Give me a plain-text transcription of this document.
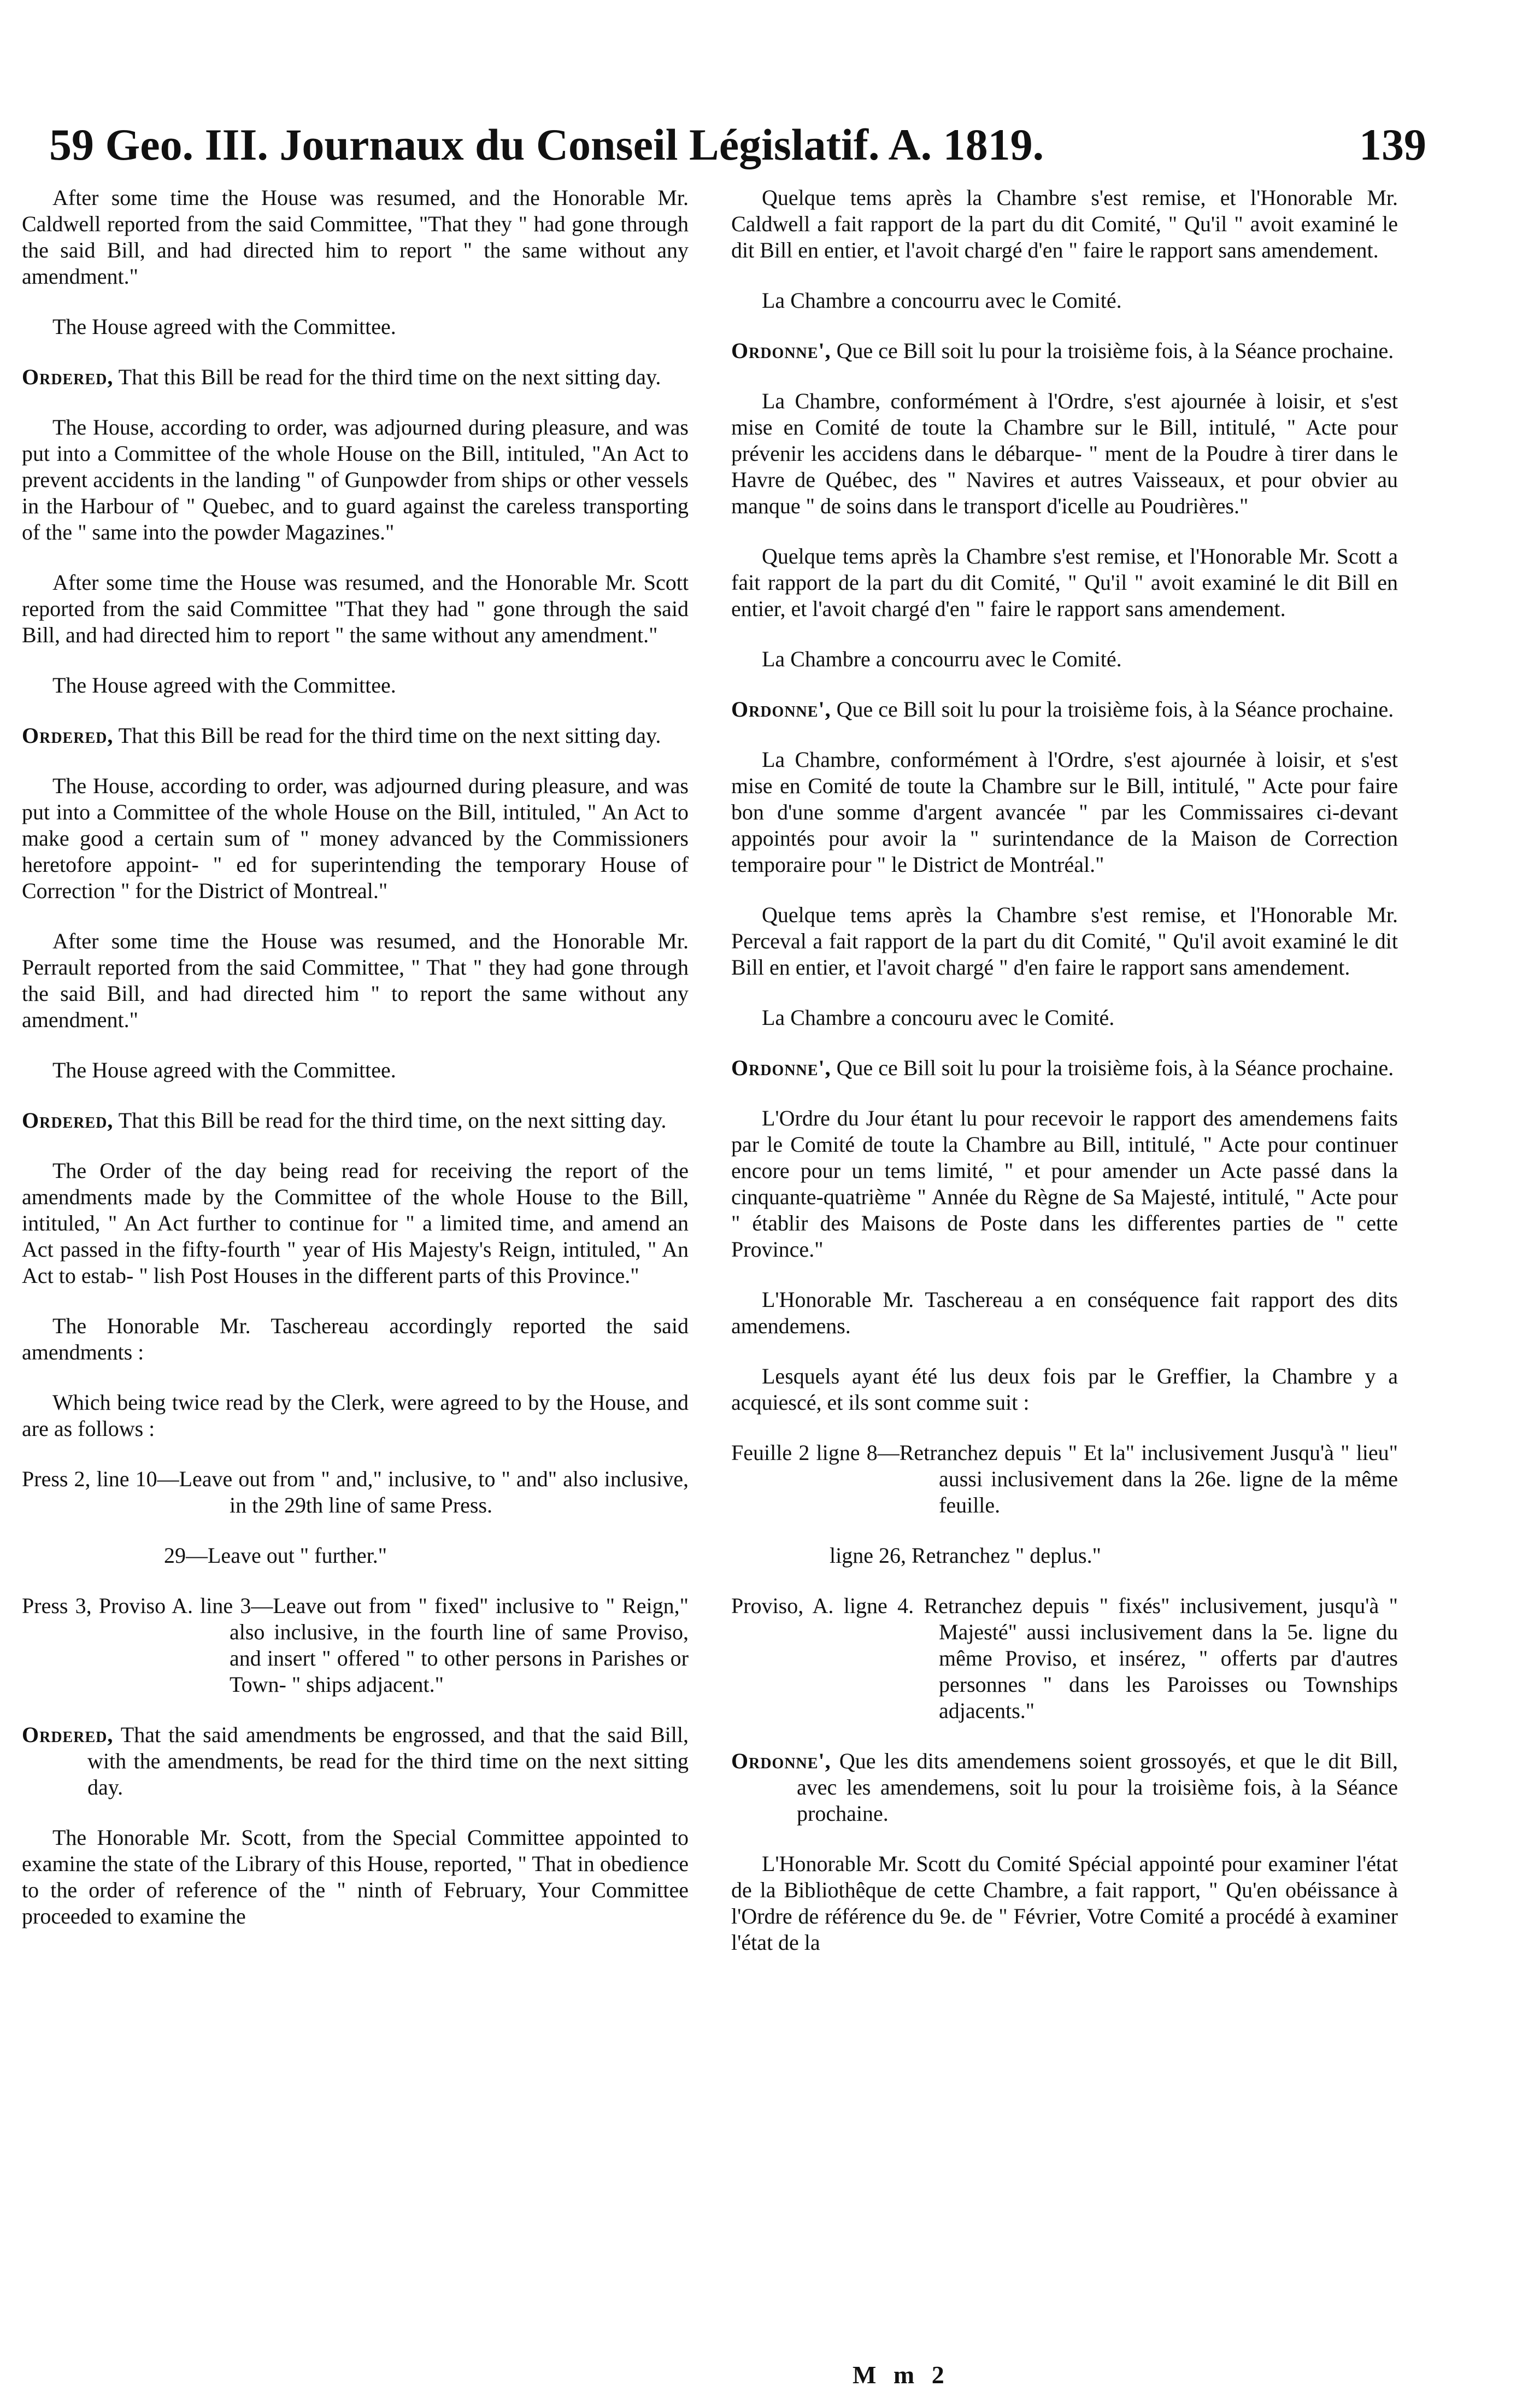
59 Geo. III. Journaux du Conseil Législatif. A. 1819.	139

After some time the House was resumed, and the Honorable Mr. Caldwell reported from the said Committee, "That they " had gone through the said Bill, and had directed him to report " the same without any amendment."

The House agreed with the Committee.

Ordered, That this Bill be read for the third time on the next sitting day.

The House, according to order, was adjourned during pleasure, and was put into a Committee of the whole House on the Bill, intituled, "An Act to prevent accidents in the landing " of Gunpowder from ships or other vessels in the Harbour of " Quebec, and to guard against the careless transporting of the " same into the powder Magazines."

After some time the House was resumed, and the Honorable Mr. Scott reported from the said Committee "That they had " gone through the said Bill, and had directed him to report " the same without any amendment."

The House agreed with the Committee.

Ordered, That this Bill be read for the third time on the next sitting day.

The House, according to order, was adjourned during pleasure, and was put into a Committee of the whole House on the Bill, intituled, " An Act to make good a certain sum of " money advanced by the Commissioners heretofore appoint- " ed for superintending the temporary House of Correction " for the District of Montreal."

After some time the House was resumed, and the Honorable Mr. Perrault reported from the said Committee, " That " they had gone through the said Bill, and had directed him " to report the same without any amendment."

The House agreed with the Committee.

Ordered, That this Bill be read for the third time, on the next sitting day.

The Order of the day being read for receiving the report of the amendments made by the Committee of the whole House to the Bill, intituled, " An Act further to continue for " a limited time, and amend an Act passed in the fifty-fourth " year of His Majesty's Reign, intituled, " An Act to estab- " lish Post Houses in the different parts of this Province."

The Honorable Mr. Taschereau accordingly reported the said amendments :

Which being twice read by the Clerk, were agreed to by the House, and are as follows :

Press 2, line 10—Leave out from " and," inclusive, to " and" also inclusive, in the 29th line of same Press.

29—Leave out " further."

Press 3, Proviso A. line 3—Leave out from " fixed" inclusive to " Reign," also inclusive, in the fourth line of same Proviso, and insert " offered " to other persons in Parishes or Town- " ships adjacent."

Ordered, That the said amendments be engrossed, and that the said Bill, with the amendments, be read for the third time on the next sitting day.

The Honorable Mr. Scott, from the Special Committee appointed to examine the state of the Library of this House, reported, " That in obedience to the order of reference of the " ninth of February, Your Committee proceeded to examine the

Quelque tems après la Chambre s'est remise, et l'Honorable Mr. Caldwell a fait rapport de la part du dit Comité, " Qu'il " avoit examiné le dit Bill en entier, et l'avoit chargé d'en " faire le rapport sans amendement.

La Chambre a concourru avec le Comité.

Ordonne', Que ce Bill soit lu pour la troisième fois, à la Séance prochaine.

La Chambre, conformément à l'Ordre, s'est ajournée à loisir, et s'est mise en Comité de toute la Chambre sur le Bill, intitulé, " Acte pour prévenir les accidens dans le débarque- " ment de la Poudre à tirer dans le Havre de Québec, des " Navires et autres Vaisseaux, et pour obvier au manque " de soins dans le transport d'icelle au Poudrières."

Quelque tems après la Chambre s'est remise, et l'Honorable Mr. Scott a fait rapport de la part du dit Comité, " Qu'il " avoit examiné le dit Bill en entier, et l'avoit chargé d'en " faire le rapport sans amendement.

La Chambre a concourru avec le Comité.

Ordonne', Que ce Bill soit lu pour la troisième fois, à la Séance prochaine.

La Chambre, conformément à l'Ordre, s'est ajournée à loisir, et s'est mise en Comité de toute la Chambre sur le Bill, intitulé, " Acte pour faire bon d'une somme d'argent avancée " par les Commissaires ci-devant appointés pour avoir la " surintendance de la Maison de Correction temporaire pour " le District de Montréal."

Quelque tems après la Chambre s'est remise, et l'Honorable Mr. Perceval a fait rapport de la part du dit Comité, " Qu'il avoit examiné le dit Bill en entier, et l'avoit chargé " d'en faire le rapport sans amendement.

La Chambre a concouru avec le Comité.

Ordonne', Que ce Bill soit lu pour la troisième fois, à la Séance prochaine.

L'Ordre du Jour étant lu pour recevoir le rapport des amendemens faits par le Comité de toute la Chambre au Bill, intitulé, " Acte pour continuer encore pour un tems limité, " et pour amender un Acte passé dans la cinquante-quatrième " Année du Règne de Sa Majesté, intitulé, " Acte pour " établir des Maisons de Poste dans les differentes parties de " cette Province."

L'Honorable Mr. Taschereau a en conséquence fait rapport des dits amendemens.

Lesquels ayant été lus deux fois par le Greffier, la Chambre y a acquiescé, et ils sont comme suit :

Feuille 2 ligne 8—Retranchez depuis " Et la" inclusivement Jusqu'à " lieu" aussi inclusivement dans la 26e. ligne de la même feuille.

ligne 26, Retranchez " deplus."

Proviso, A. ligne 4. Retranchez depuis " fixés" inclusivement, jusqu'à " Majesté" aussi inclusivement dans la 5e. ligne du même Proviso, et insérez, " offerts par d'autres personnes " dans les Paroisses ou Townships adjacents."

Ordonne', Que les dits amendemens soient grossoyés, et que le dit Bill, avec les amendemens, soit lu pour la troisième fois, à la Séance prochaine.

L'Honorable Mr. Scott du Comité Spécial appointé pour examiner l'état de la Bibliothêque de cette Chambre, a fait rapport, " Qu'en obéissance à l'Ordre de référence du 9e. de " Février, Votre Comité a procédé à examiner l'état de la

M m 2
